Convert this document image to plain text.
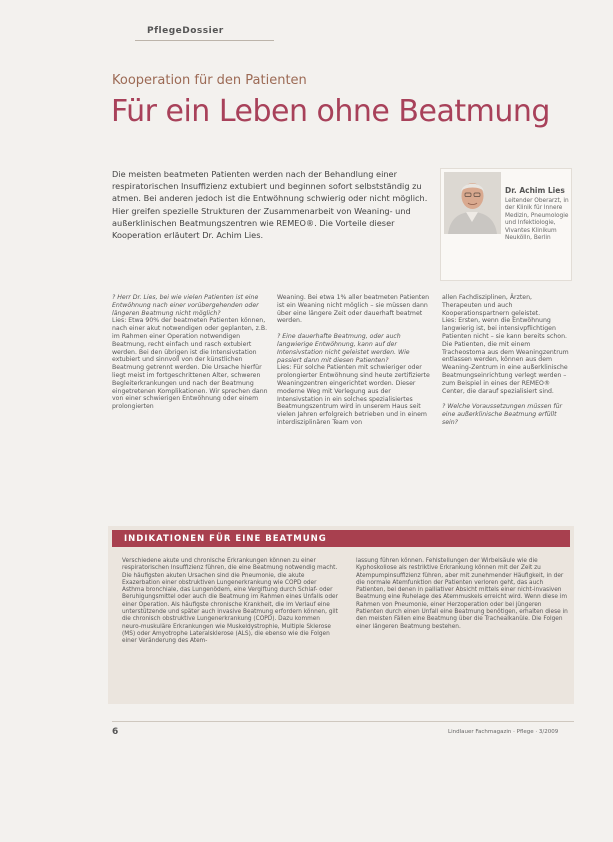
PflegeDossier
Kooperation für den Patienten
Für ein Leben ohne Beatmung
Die meisten beatmeten Patienten werden nach der Behandlung einer respiratorischen Insuffizienz extubiert und beginnen sofort selbstständig zu atmen. Bei anderen jedoch ist die Entwöhnung schwierig oder nicht möglich. Hier greifen spezielle Strukturen der Zusammenarbeit von Weaning- und außerklinischen Beatmungszentren wie REMEO®. Die Vorteile dieser Kooperation erläutert Dr. Achim Lies.
Dr. Achim Lies
Leitender Oberarzt, in der Klinik für Innere Medizin, Pneumologie und Infektiologie, Vivantes Klinikum Neukölln, Berlin
? Herr Dr. Lies, bei wie vielen Patienten ist eine Entwöhnung nach einer vorübergehenden oder längeren Beatmung nicht möglich?
Lies: Etwa 90% der beatmeten Patienten können, nach einer akut notwendigen oder geplanten, z.B. im Rahmen einer Operation notwendigen Beatmung, recht einfach und rasch extubiert werden. Bei den übrigen ist die Intensivstation extubiert und sinnvoll von der künstlichen Beatmung getrennt werden. Die Ursache hierfür liegt meist im fortgeschrittenen Alter, schweren Begleiterkrankungen und nach der Beatmung eingetretenen Komplikationen. Wir sprechen dann von einer schwierigen Entwöhnung oder einem prolongierten
Weaning. Bei etwa 1% aller beatmeten Patienten ist ein Weaning nicht möglich – sie müssen dann über eine längere Zeit oder dauerhaft beatmet werden.
? Eine dauerhafte Beatmung, oder auch langwierige Entwöhnung, kann auf der Intensivstation nicht geleistet werden. Wie passiert dann mit diesen Patienten?
Lies: Für solche Patienten mit schwieriger oder prolongierter Entwöhnung sind heute zertifizierte Weaningzentren eingerichtet worden. Dieser moderne Weg mit Verlegung aus der Intensivstation in ein solches spezialisiertes Beatmungszentrum wird in unserem Haus seit vielen Jahren erfolgreich betrieben und in einem interdisziplinären Team von
allen Fachdisziplinen, Ärzten, Therapeuten und auch Kooperationspartnern geleistet.
Lies: Ersten, wenn die Entwöhnung langwierig ist, bei intensivpflichtigen Patienten nicht – sie kann bereits schon. Die Patienten, die mit einem Tracheostoma aus dem Weaningzentrum entlassen werden, können aus dem Weaning-Zentrum in eine außerklinische Beatmungseinrichtung verlegt werden – zum Beispiel in eines der REMEO® Center, die darauf spezialisiert sind.
? Welche Voraussetzungen müssen für eine außerklinische Beatmung erfüllt sein?
INDIKATIONEN FÜR EINE BEATMUNG
Verschiedene akute und chronische Erkrankungen können zu einer respiratorischen Insuffizienz führen, die eine Beatmung notwendig macht. Die häufigsten akuten Ursachen sind die Pneumonie, die akute Exazerbation einer obstruktiven Lungenerkrankung wie COPD oder Asthma bronchiale, das Lungenödem, eine Vergiftung durch Schlaf- oder Beruhigungsmittel oder auch die Beatmung im Rahmen eines Unfalls oder einer Operation. Als häufigste chronische Krankheit, die im Verlauf eine unterstützende und später auch invasive Beatmung erfordern können, gilt die chronisch obstruktive Lungenerkrankung (COPD). Dazu kommen neuro-muskuläre Erkrankungen wie Muskeldystrophie, Multiple Sklerose (MS) oder Amyotrophe Lateralsklerose (ALS), die ebenso wie die Folgen einer Veränderung des Atem-
lassung führen können. Fehlstellungen der Wirbelsäule wie die Kyphoskoliose als restriktive Erkrankung können mit der Zeit zu Atempumpinsuffizienz führen, aber mit zunehmender Häufigkeit, in der die normale Atemfunktion der Patienten verloren geht, das auch Patienten, bei denen in palliativer Absicht mittels einer nicht-invasiven Beatmung eine Ruhelage des Atemmuskels erreicht wird. Wenn diese im Rahmen von Pneumonie, einer Herzoperation oder bei jüngeren Patienten durch einen Unfall eine Beatmung benötigen, erhalten diese in den meisten Fällen eine Beatmung über die Trachealkanüle. Die Folgen einer längeren Beatmung bestehen.
6	Lindlauer Fachmagazin · Pflege · 3/2009
